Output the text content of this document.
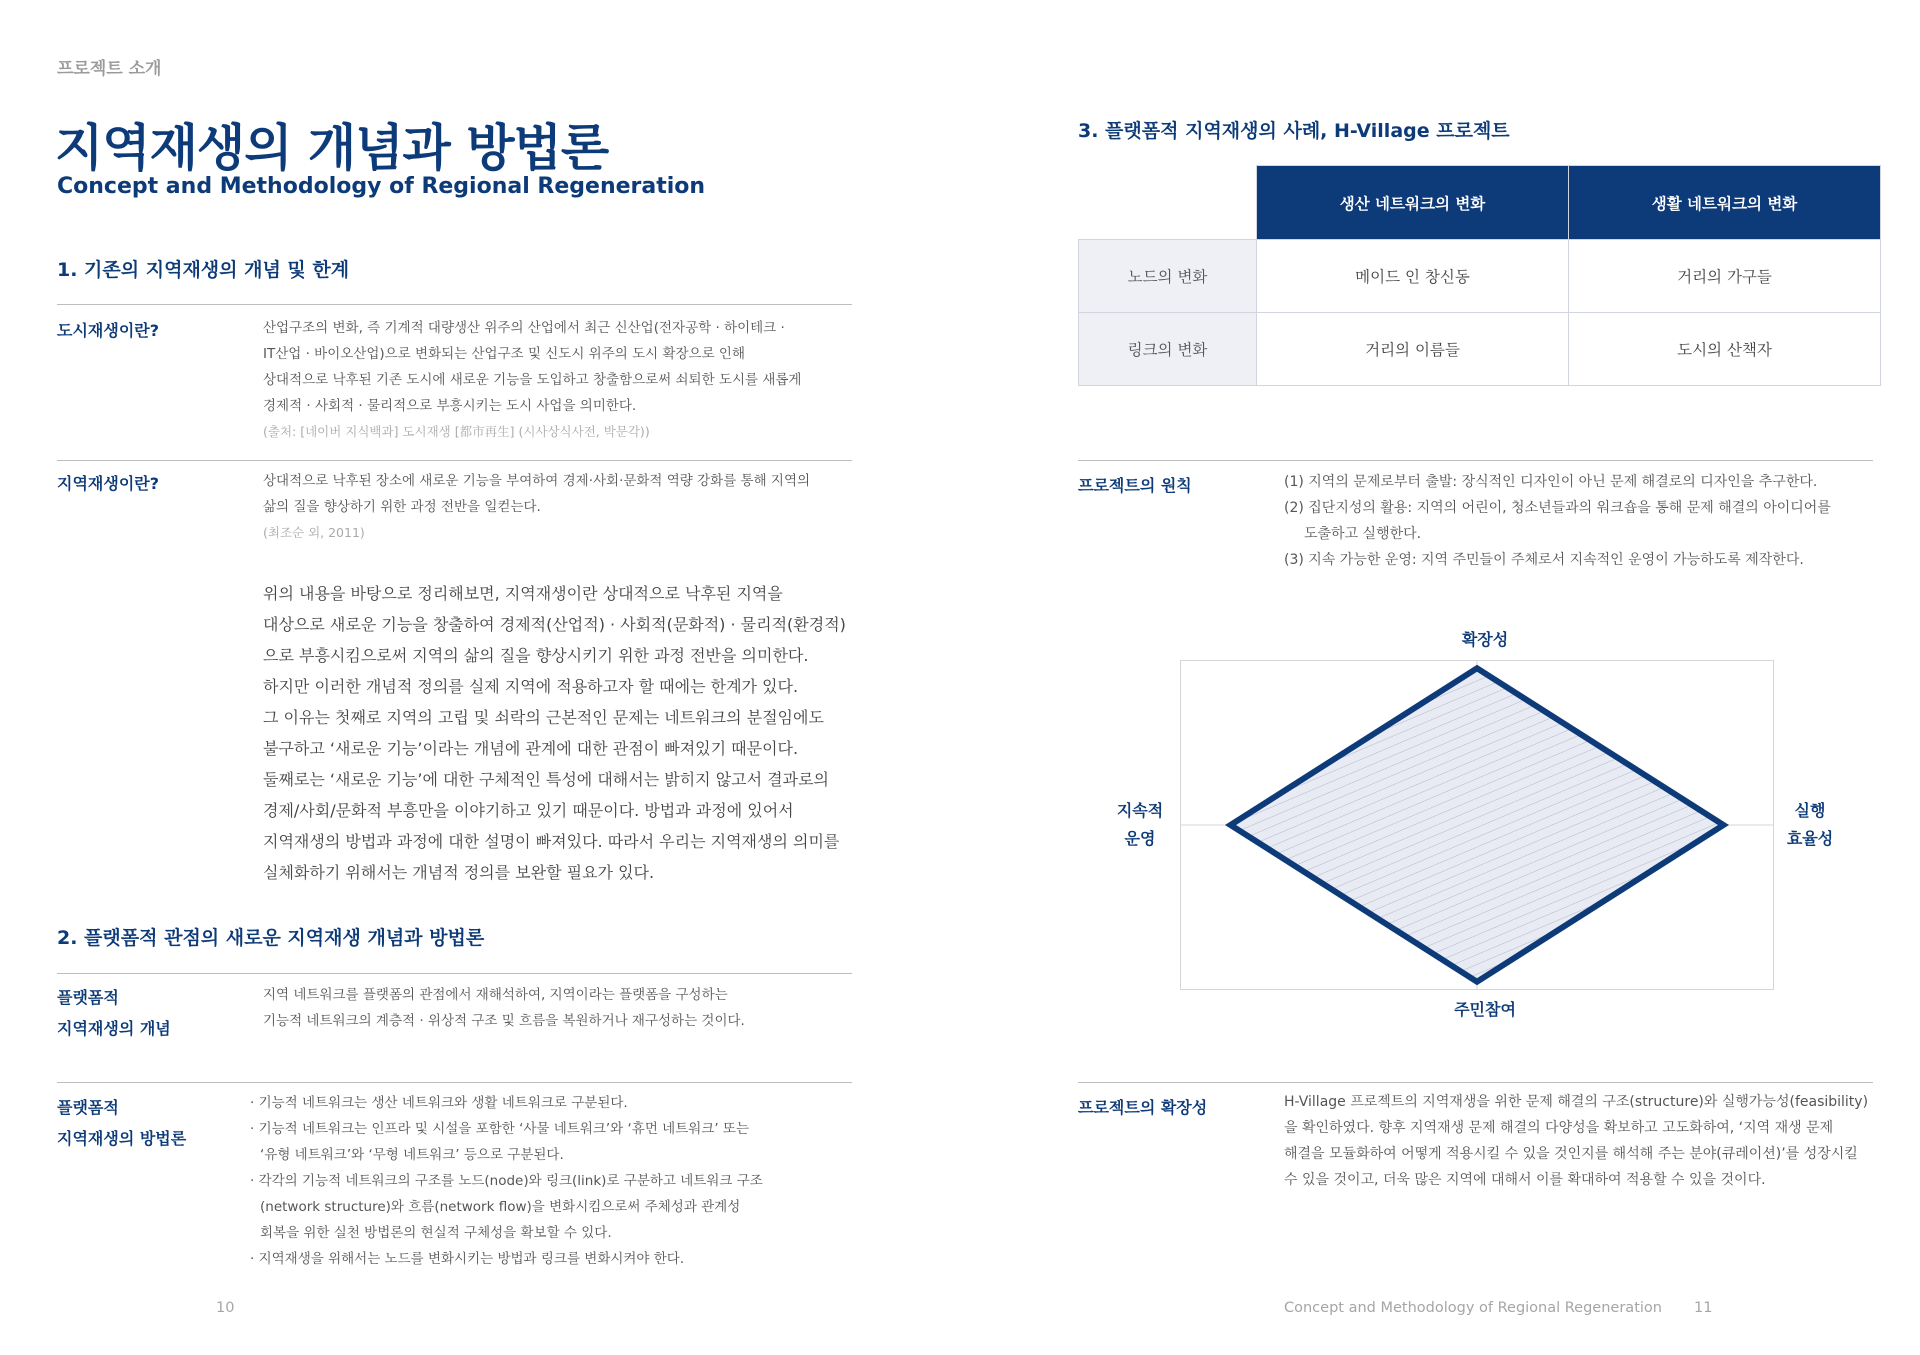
프로젝트 소개
지역재생의 개념과 방법론
Concept and Methodology of Regional Regeneration
1. 기존의 지역재생의 개념 및 한계
도시재생이란?	산업구조의 변화, 즉 기계적 대량생산 위주의 산업에서 최근 신산업(전자공학 · 하이테크 ·
IT산업 · 바이오산업)으로 변화되는 산업구조 및 신도시 위주의 도시 확장으로 인해
상대적으로 낙후된 기존 도시에 새로운 기능을 도입하고 창출함으로써 쇠퇴한 도시를 새롭게
경제적 · 사회적 · 물리적으로 부흥시키는 도시 사업을 의미한다.
(출처: [네이버 지식백과] 도시재생 [都市再生] (시사상식사전, 박문각))
지역재생이란?	상대적으로 낙후된 장소에 새로운 기능을 부여하여 경제·사회·문화적 역량 강화를 통해 지역의
삶의 질을 향상하기 위한 과정 전반을 일컫는다.
(최조순 외, 2011)
위의 내용을 바탕으로 정리해보면, 지역재생이란 상대적으로 낙후된 지역을
대상으로 새로운 기능을 창출하여 경제적(산업적) · 사회적(문화적) · 물리적(환경적)
으로 부흥시킴으로써 지역의 삶의 질을 향상시키기 위한 과정 전반을 의미한다.
하지만 이러한 개념적 정의를 실제 지역에 적용하고자 할 때에는 한계가 있다.
그 이유는 첫째로 지역의 고립 및 쇠락의 근본적인 문제는 네트워크의 분절임에도
불구하고 ‘새로운 기능’이라는 개념에 관계에 대한 관점이 빠져있기 때문이다.
둘째로는 ‘새로운 기능’에 대한 구체적인 특성에 대해서는 밝히지 않고서 결과로의
경제/사회/문화적 부흥만을 이야기하고 있기 때문이다. 방법과 과정에 있어서
지역재생의 방법과 과정에 대한 설명이 빠져있다. 따라서 우리는 지역재생의 의미를
실체화하기 위해서는 개념적 정의를 보완할 필요가 있다.
2. 플랫폼적 관점의 새로운 지역재생 개념과 방법론
플랫폼적
지역재생의 개념
지역 네트워크를 플랫폼의 관점에서 재해석하여, 지역이라는 플랫폼을 구성하는
기능적 네트워크의 계층적 · 위상적 구조 및 흐름을 복원하거나 재구성하는 것이다.
플랫폼적
지역재생의 방법론
· 기능적 네트워크는 생산 네트워크와 생활 네트워크로 구분된다.
· 기능적 네트워크는 인프라 및 시설을 포함한 ‘사물 네트워크’와 ‘휴먼 네트워크’ 또는
‘유형 네트워크’와 ‘무형 네트워크’ 등으로 구분된다.
· 각각의 기능적 네트워크의 구조를 노드(node)와 링크(link)로 구분하고 네트워크 구조
(network structure)와 흐름(network flow)을 변화시킴으로써 주체성과 관계성
회복을 위한 실천 방법론의 현실적 구체성을 확보할 수 있다.
· 지역재생을 위해서는 노드를 변화시키는 방법과 링크를 변화시켜야 한다.
10
3. 플랫폼적 지역재생의 사례, H-Village 프로젝트
	생산 네트워크의 변화	생활 네트워크의 변화
노드의 변화	메이드 인 창신동	거리의 가구들
링크의 변화	거리의 이름들	도시의 산책자
프로젝트의 원칙	(1) 지역의 문제로부터 출발: 장식적인 디자인이 아닌 문제 해결로의 디자인을 추구한다.
(2) 집단지성의 활용: 지역의 어린이, 청소년들과의 워크숍을 통해 문제 해결의 아이디어를
도출하고 실행한다.
(3) 지속 가능한 운영: 지역 주민들이 주체로서 지속적인 운영이 가능하도록 제작한다.
확장성
주민참여
지속적
운영
실행
효율성
프로젝트의 확장성	H-Village 프로젝트의 지역재생을 위한 문제 해결의 구조(structure)와 실행가능성(feasibility)
을 확인하였다. 향후 지역재생 문제 해결의 다양성을 확보하고 고도화하여, ‘지역 재생 문제
해결을 모듈화하여 어떻게 적용시킬 수 있을 것인지를 해석해 주는 분야(큐레이션)’를 성장시킬
수 있을 것이고, 더욱 많은 지역에 대해서 이를 확대하여 적용할 수 있을 것이다.
Concept and Methodology of Regional Regeneration 11
